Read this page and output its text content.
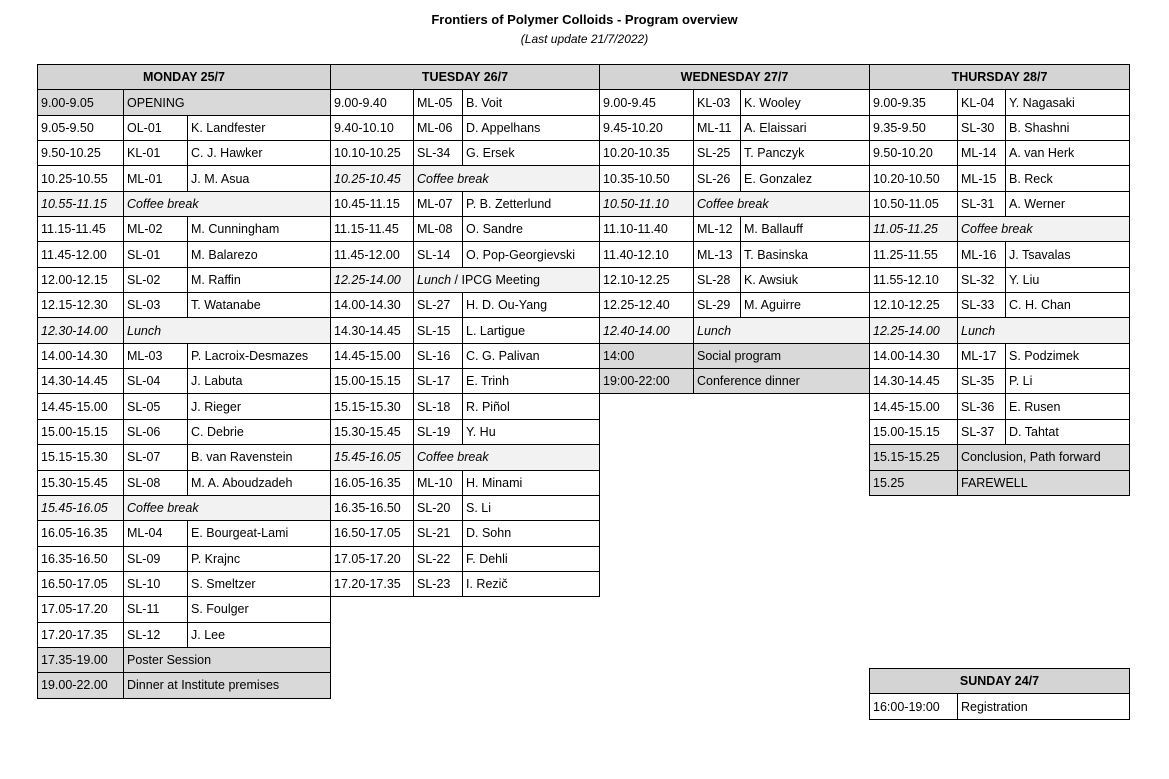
Frontiers of Polymer Colloids - Program overview
(Last update 21/7/2022)
MONDAY 25/7		
9.00-9.05	OPENING	
9.05-9.50	OL-01	K. Landfester
9.50-10.25	KL-01	C. J. Hawker
10.25-10.55	ML-01	J. M. Asua
10.55-11.15	Coffee break	
11.15-11.45	ML-02	M. Cunningham
11.45-12.00	SL-01	M. Balarezo
12.00-12.15	SL-02	M. Raffin
12.15-12.30	SL-03	T. Watanabe
12.30-14.00	Lunch	
14.00-14.30	ML-03	P. Lacroix-Desmazes
14.30-14.45	SL-04	J. Labuta
14.45-15.00	SL-05	J. Rieger
15.00-15.15	SL-06	C. Debrie
15.15-15.30	SL-07	B. van Ravenstein
15.30-15.45	SL-08	M. A. Aboudzadeh
15.45-16.05	Coffee break	
16.05-16.35	ML-04	E. Bourgeat-Lami
16.35-16.50	SL-09	P. Krajnc
16.50-17.05	SL-10	S. Smeltzer
17.05-17.20	SL-11	S. Foulger
17.20-17.35	SL-12	J. Lee
17.35-19.00	Poster Session	
19.00-22.00	Dinner at Institute premises	
TUESDAY 26/7		
9.00-9.40	ML-05	B. Voit
9.40-10.10	ML-06	D. Appelhans
10.10-10.25	SL-34	G. Ersek
10.25-10.45	Coffee break	
10.45-11.15	ML-07	P. B. Zetterlund
11.15-11.45	ML-08	O. Sandre
11.45-12.00	SL-14	O. Pop-Georgievski
12.25-14.00	Lunch / IPCG Meeting	
14.00-14.30	SL-27	H. D. Ou-Yang
14.30-14.45	SL-15	L. Lartigue
14.45-15.00	SL-16	C. G. Palivan
15.00-15.15	SL-17	E. Trinh
15.15-15.30	SL-18	R. Piñol
15.30-15.45	SL-19	Y. Hu
15.45-16.05	Coffee break	
16.05-16.35	ML-10	H. Minami
16.35-16.50	SL-20	S. Li
16.50-17.05	SL-21	D. Sohn
17.05-17.20	SL-22	F. Dehli
17.20-17.35	SL-23	I. Rezič
WEDNESDAY 27/7		
9.00-9.45	KL-03	K. Wooley
9.45-10.20	ML-11	A. Elaissari
10.20-10.35	SL-25	T. Panczyk
10.35-10.50	SL-26	E. Gonzalez
10.50-11.10	Coffee break	
11.10-11.40	ML-12	M. Ballauff
11.40-12.10	ML-13	T. Basinska
12.10-12.25	SL-28	K. Awsiuk
12.25-12.40	SL-29	M. Aguirre
12.40-14.00	Lunch	
14:00	Social program	
19:00-22:00	Conference dinner	
THURSDAY 28/7		
9.00-9.35	KL-04	Y. Nagasaki
9.35-9.50	SL-30	B. Shashni
9.50-10.20	ML-14	A. van Herk
10.20-10.50	ML-15	B. Reck
10.50-11.05	SL-31	A. Werner
11.05-11.25	Coffee break	
11.25-11.55	ML-16	J. Tsavalas
11.55-12.10	SL-32	Y. Liu
12.10-12.25	SL-33	C. H. Chan
12.25-14.00	Lunch	
14.00-14.30	ML-17	S. Podzimek
14.30-14.45	SL-35	P. Li
14.45-15.00	SL-36	E. Rusen
15.00-15.15	SL-37	D. Tahtat
15.15-15.25	Conclusion, Path forward	
15.25	FAREWELL	
SUNDAY 24/7
16:00-19:00	Registration
